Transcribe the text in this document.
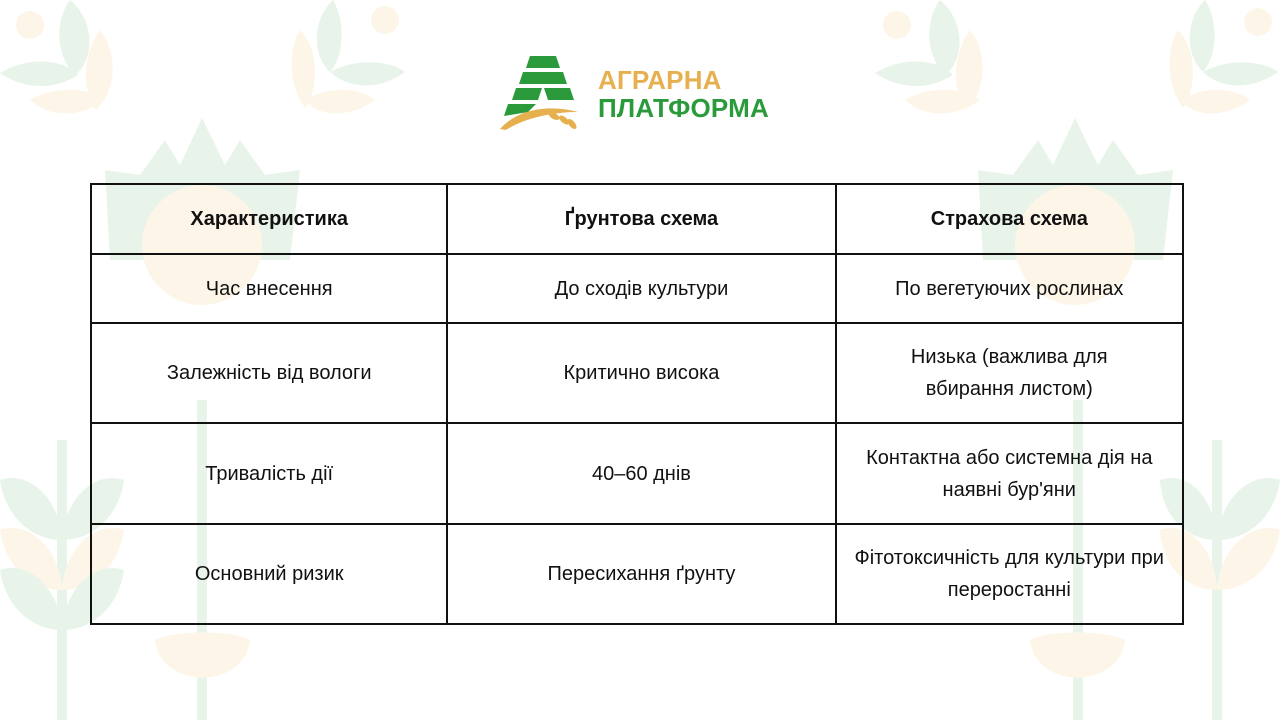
АГРАРНА
ПЛАТФОРМА
Характеристика	Ґрунтова схема	Страхова схема
Час внесення	До сходів культури	По вегетуючих рослинах
Залежність від вологи	Критично висока	Низька (важлива для вбирання листом)
Тривалість дії	40–60 днів	Контактна або системна дія на наявні бур'яни
Основний ризик	Пересихання ґрунту	Фітотоксичність для культури при переростанні
